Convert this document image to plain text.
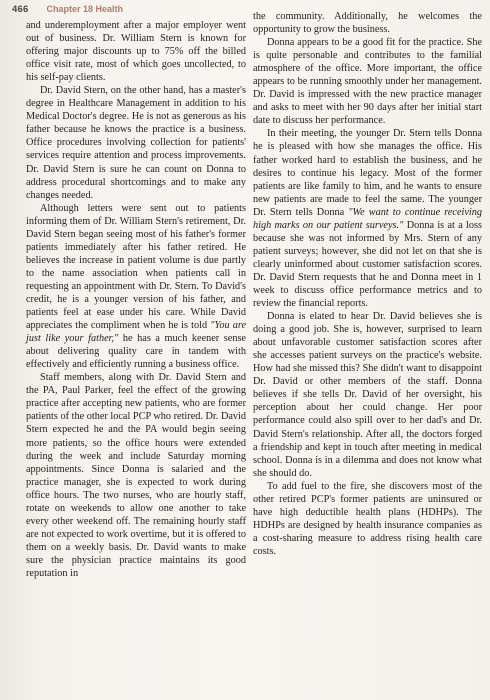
466 Chapter 18 Health

and underemployment after a major employer went out of business. Dr. William Stern is known for offering major discounts up to 75% off the billed office visit rate, most of which goes uncollected, to his self-pay clients.

Dr. David Stern, on the other hand, has a master's degree in Healthcare Management in addition to his Medical Doctor's degree. He is not as generous as his father because he knows the practice is a business. Office procedures involving collection for patients' services require attention and process improvements. Dr. David Stern is sure he can count on Donna to address procedural shortcomings and to make any changes needed.

Although letters were sent out to patients informing them of Dr. William Stern's retirement, Dr. David Stern began seeing most of his father's former patients immediately after his father retired. He believes the increase in patient volume is due partly to the name association when patients call in requesting an appointment with Dr. Stern. To David's credit, he is a younger version of his father, and patients feel at ease under his care. While David appreciates the compliment when he is told "You are just like your father," he has a much keener sense about delivering quality care in tandem with effectively and efficiently running a business office.

Staff members, along with Dr. David Stern and the PA, Paul Parker, feel the effect of the growing practice after accepting new patients, who are former patients of the other local PCP who retired. Dr. David Stern expected he and the PA would begin seeing more patients, so the office hours were extended during the week and include Saturday morning appointments. Since Donna is salaried and the practice manager, she is expected to work during office hours. The two nurses, who are hourly staff, rotate on weekends to allow one another to take every other weekend off. The remaining hourly staff are not expected to work overtime, but it is offered to them on a weekly basis. Dr. David wants to make sure the physician practice maintains its good reputation in

the community. Additionally, he welcomes the opportunity to grow the business.

Donna appears to be a good fit for the practice. She is quite personable and contributes to the familial atmosphere of the office. More important, the office appears to be running smoothly under her management. Dr. David is impressed with the new practice manager and asks to meet with her 90 days after her initial start date to discuss her performance.

In their meeting, the younger Dr. Stern tells Donna he is pleased with how she manages the office. His father worked hard to establish the business, and he desires to continue his legacy. Most of the former patients are like family to him, and he wants to ensure new patients are made to feel the same. The younger Dr. Stern tells Donna "We want to continue receiving high marks on our patient surveys." Donna is at a loss because she was not informed by Mrs. Stern of any patient surveys; however, she did not let on that she is clearly uninformed about customer satisfaction scores. Dr. David Stern requests that he and Donna meet in 1 week to discuss office performance metrics and to review the financial reports.

Donna is elated to hear Dr. David believes she is doing a good job. She is, however, surprised to learn about unfavorable customer satisfaction scores after she accesses patient surveys on the practice's website. How had she missed this? She didn't want to disappoint Dr. David or other members of the staff. Donna believes if she tells Dr. David of her oversight, his perception about her could change. Her poor performance could also spill over to her dad's and Dr. David Stern's relationship. After all, the doctors forged a friendship and kept in touch after meeting in medical school. Donna is in a dilemma and does not know what she should do.

To add fuel to the fire, she discovers most of the other retired PCP's former patients are uninsured or have high deductible health plans (HDHPs). The HDHPs are designed by health insurance companies as a cost-sharing measure to address rising health care costs.
